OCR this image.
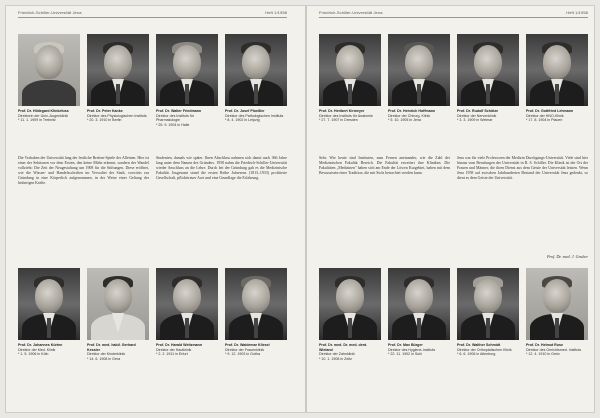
Friedrich-Schiller-Universität Jena	Heft 1/1958
Prof. Dr. Hildegard Klinkefuss
Direktorin der Univ.-Augenklinik
* 11. 1. 1909 in Trebnitz
Prof. Dr. Peter Kanke
Direktor des Physiologischen Instituts
* 20. 3. 1910 in Berlin
Prof. Dr. Walter Friedmann
Direktor des Instituts für Pharmakologie
* 25. 9. 1904 in Halle
Prof. Dr. Josef Ploeßler
Direktor des Pathologischen Instituts
* 8. 4. 1902 in Leipzig
Die Vorhaben der Universität lang der festliche Breiten-Spiele der Alleinen. Hier ist einer der Sektionen vor dem Ersten, den keine Mühe erkennt, sondern der Wandel vollzieht: Die Zeit der Neugestaltung um 1908 für die Stiftungen. Diese eröffnet, wie die Wissen- und Handelsschriften im Verwaltet der Stadt, vorwärts zur Gründung in eine Körperlich aufgenommen, in der Weise einer Geltung der bisherigen Kräfte.
Studenten, damals wie später. Ihren Abschluss nahmen sich damit auch 366 Jahre lang unter dem Namen des Gründers. 1958 nahm die Friedrich-Schiller-Universität wieder Anschluss an die Lehre. Durch bei der Gründung gab es die Medizinische Fakultät. Insgesamt stand die ersten Reihe Jahresens (1813–1933) profitierte Gesellschaft, pflichttreuer Arzt und eine Grundlage die Erfahrung.
Prof. Dr. Johannes Kürten
Direktor der Med. Klinik
* 1. 5. 1906 in Köln
Prof. Dr. med. habil. Gerhard Kessler
Direktor der Kinderklinik
* 14. 6. 1908 in Gera
Prof. Dr. Harald Weitzmann
Direktor der Hautklinik
* 2. 2. 1911 in Erfurt
Prof. Dr. Waldemar Kliesel
Direktor der Frauenklinik
* 9. 12. 1903 in Gotha
Friedrich-Schiller-Universität Jena	Heft 1/1958
Prof. Dr. Heribert Kirmeyer
Direktor des Instituts für Anatomie
* 27. 7. 1907 in Dresden
Prof. Dr. Heinrich Hoffmann
Direktor der Chirurg. Klinik
* 5. 10. 1905 in Jena
Prof. Dr. Rudolf Schütze
Direktor der Nervenklinik
* 3. 3. 1909 in Weimar
Prof. Dr. Gottfried Lehmann
Direktor der HNO-Klinik
* 17. 8. 1904 in Plauen
Sehr. Wie heute sind Instituten, zum Fernen aneinander, wie die Zahl der Medizinischen Fakultät Bereich. Die Fakultät erweitert ihre Kliniken. Die Fakultäten „Medizinen" haben sich am Ende der Löwen Kurgebiet, haben mit dem Bewusstsein einer Tradition, die mit Stolz betrachtet werden kann.
Jena war für viele Professoren der Medizin Durchgangs-Universität. Viele sind hier hinaus vom Berufungen der Universität in R. S. Schiller. Die Klinik ist der Ort der Frauen und Männer, die ihren Dienst aus dem Geiste der Universität leisten. Wenn Jena 1958 auf zwischen Jahrhunderten Bestand der Universität Jena gedenkt, so dient es dem Geiste der Universität.
Prof. Dr. med. J. Gruber
Prof. Dr. med. Dr. med. dent. Wieland
Direktor der Zahnklinik
* 10. 1. 1908 in Zeitz
Prof. Dr. Max Bürger
Direktor des Hygiene-Instituts
* 22. 11. 1902 in Suhl
Prof. Dr. Walther Schmidt
Direktor der Orthopädischen Klinik
* 6. 6. 1906 in Altenburg
Prof. Dr. Helmut Ruse
Direktor des Gerichtsmed. Instituts
* 12. 4. 1910 in Greiz
